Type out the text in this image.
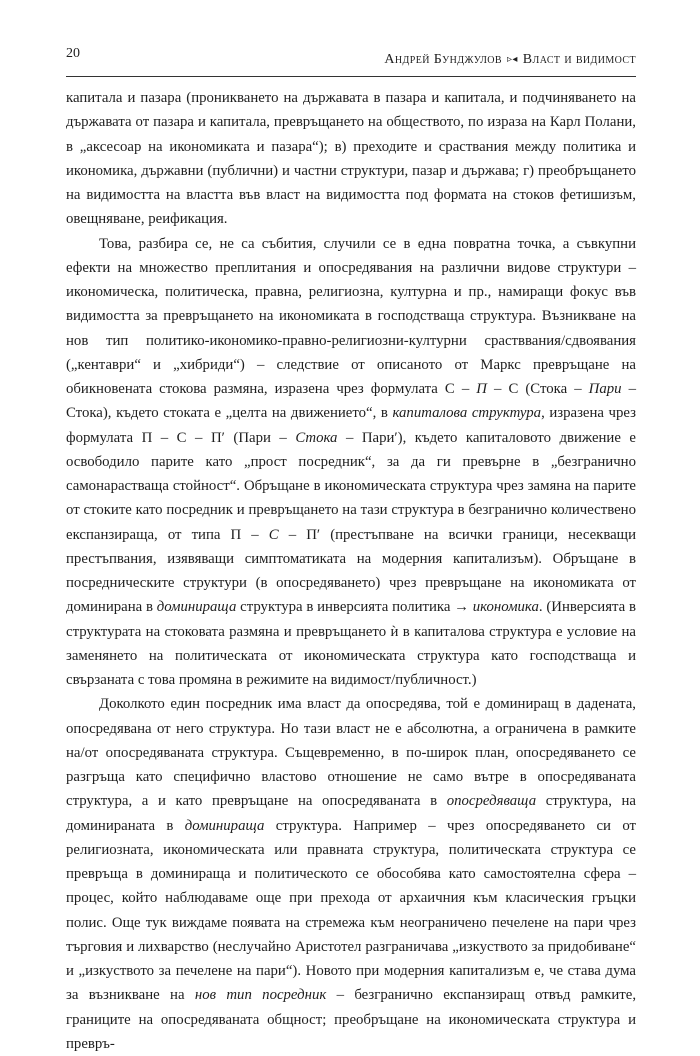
20	Андрей Бунджулов ▹◂ Власт и видимост

капитала и пазара (проникването на държавата в пазара и капитала, и подчиняването на държавата от пазара и капитала, превръщането на обществото, по израза на Карл Полани, в „аксесоар на икономиката и пазара“); в) преходите и сраствания между политика и икономика, държавни (публични) и частни структури, пазар и държава; г) преобръщането на видимостта на властта във власт на видимостта под формата на стоков фетишизъм, овещняване, реификация.

Това, разбира се, не са събития, случили се в една повратна точка, а съвкупни ефекти на множество преплитания и опосредявания на различни видове структури – икономическа, политическа, правна, религиозна, културна и пр., намиращи фокус във видимостта за превръщането на икономиката в господстваща структура. Възникване на нов тип политико-икономико-правно-религиозни-културни срастввания/сдвоявания („кентаври“ и „хибриди“) – следствие от описаното от Маркс превръщане на обикновената стокова размяна, изразена чрез формулата С – П – С (Стока – Пари – Стока), където стоката е „целта на движението“, в капиталова структура, изразена чрез формулата П – С – П′ (Пари – Стока – Пари′), където капиталовото движение е освободило парите като „прост посредник“, за да ги превърне в „безгранично самонарастваща стойност“. Обръщане в икономическата структура чрез замяна на парите от стоките като посредник и превръщането на тази структура в безгранично количествено експанзираща, от типа П – С – П′ (престъпване на всички граници, несекващи престъпвания, изявяващи симптоматиката на модерния капитализъм). Обръщане в посредническите структури (в опосредяването) чрез превръщане на икономиката от доминирана в доминираща структура в инверсията политика → икономика. (Инверсията в структурата на стоковата размяна и превръщането ѝ в капиталова структура е условие на заменянето на политическата от икономическата структура като господстваща и свързаната с това промяна в режимите на видимост/публичност.)

Доколкото един посредник има власт да опосредява, той е доминиращ в дадената, опосредявана от него структура. Но тази власт не е абсолютна, а ограничена в рамките на/от опосредяваната структура. Същевременно, в по-широк план, опосредяването се разгръща като специфично властово отношение не само вътре в опосредяваната структура, а и като превръщане на опосредяваната в опосредяваща структура, на доминираната в доминираща структура. Например – чрез опосредяването си от религиозната, икономическата или правната структура, политическата структура се превръща в доминираща и политическото се обособява като самостоятелна сфера – процес, който наблюдаваме още при прехода от архаичния към класическия гръцки полис. Още тук виждаме появата на стремежа към неограничено печелене на пари чрез търговия и лихварство (неслучайно Аристотел разграничава „изкуството за придобиване“ и „изкуството за печелене на пари“). Новото при модерния капитализъм е, че става дума за възникване на нов тип посредник – безгранично експанзиращ отвъд рамките, границите на опосредяваната общност; преобръщане на икономическата структура и превръ-
